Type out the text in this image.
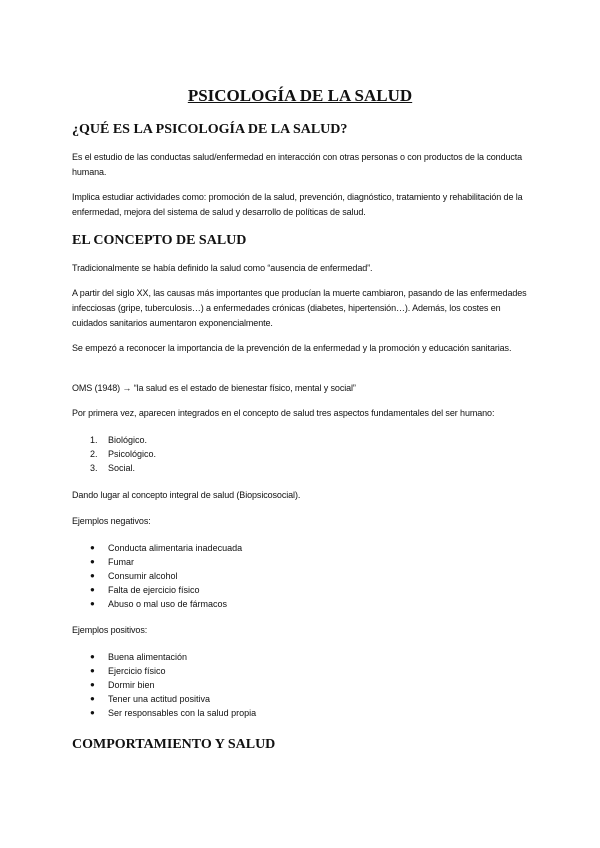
PSICOLOGÍA DE LA SALUD
¿QUÉ ES LA PSICOLOGÍA DE LA SALUD?

Es el estudio de las conductas salud/enfermedad en interacción con otras personas o con productos de la conducta humana.

Implica estudiar actividades como: promoción de la salud, prevención, diagnóstico, tratamiento y rehabilitación de la enfermedad, mejora del sistema de salud y desarrollo de políticas de salud.

EL CONCEPTO DE SALUD

Tradicionalmente se había definido la salud como “ausencia de enfermedad”.

A partir del siglo XX, las causas más importantes que producían la muerte cambiaron, pasando de las enfermedades infecciosas (gripe, tuberculosis…) a enfermedades crónicas (diabetes, hipertensión…). Además, los costes en cuidados sanitarios aumentaron exponencialmente.

Se empezó a reconocer la importancia de la prevención de la enfermedad y la promoción y educación sanitarias.

OMS (1948) → “la salud es el estado de bienestar físico, mental y social”

Por primera vez, aparecen integrados en el concepto de salud tres aspectos fundamentales del ser humano:

1. Biológico.
2. Psicológico.
3. Social.

Dando lugar al concepto integral de salud (Biopsicosocial).

Ejemplos negativos:

● Conducta alimentaria inadecuada
● Fumar
● Consumir alcohol
● Falta de ejercicio físico
● Abuso o mal uso de fármacos

Ejemplos positivos:

● Buena alimentación
● Ejercicio físico
● Dormir bien
● Tener una actitud positiva
● Ser responsables con la salud propia
COMPORTAMIENTO Y SALUD
